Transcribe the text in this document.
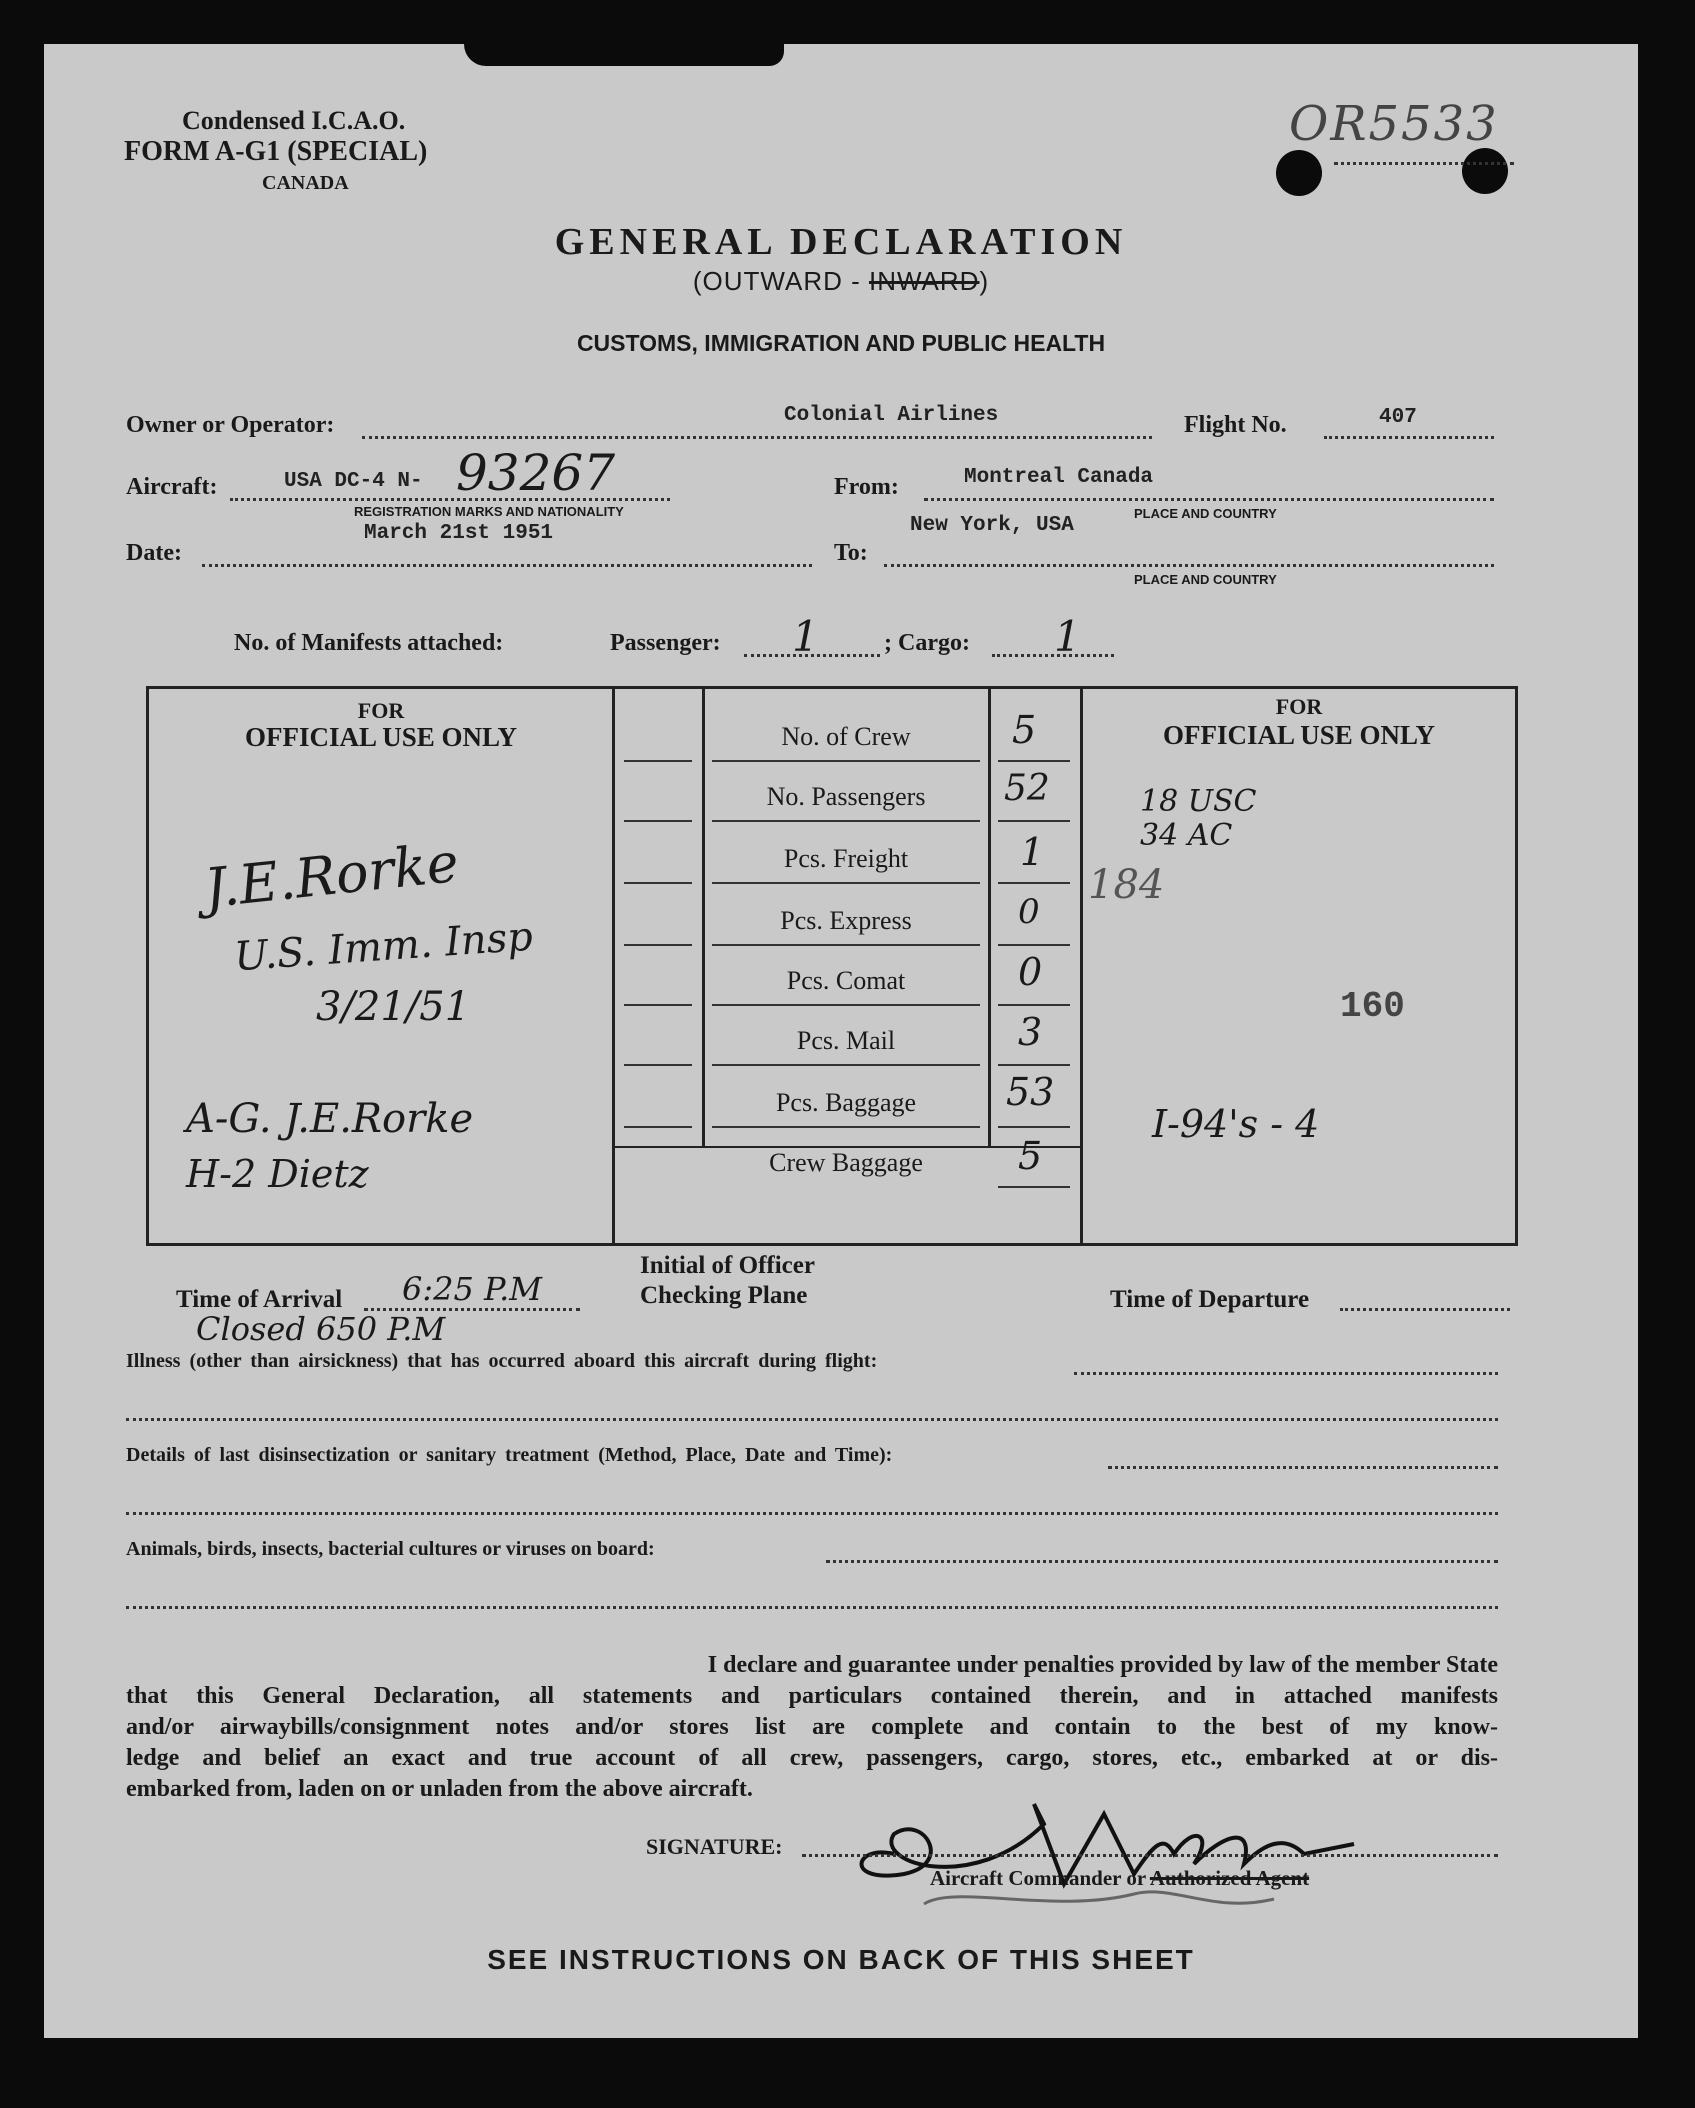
Condensed I.C.A.O.
FORM A-G1 (SPECIAL)
CANADA
OR5533
GENERAL DECLARATION
(OUTWARD - INWARD)
CUSTOMS, IMMIGRATION AND PUBLIC HEALTH
Owner or Operator:	Colonial Airlines	Flight No.	407
Aircraft:	USA DC-4 N- 93267
REGISTRATION MARKS AND NATIONALITY
From:	Montreal Canada
PLACE AND COUNTRY
Date:
March 21st 1951
To:
New York, USA
PLACE AND COUNTRY
No. of Manifests attached:	Passenger: 1	; Cargo: 1
FOR
OFFICIAL USE ONLY
FOR
OFFICIAL USE ONLY
No. of Crew	5
No. Passengers	52
Pcs. Freight	1
Pcs. Express	0
Pcs. Comat	0
Pcs. Mail	3
Pcs. Baggage	53
Crew Baggage	5
J.E.Rorke
U.S. Imm. Insp
3/21/51
A-G. J.E.Rorke
H-2 Dietz
18 USC
34 AC
184
160
I-94's - 4
Time of Arrival 6:25 P.M
Initial of Officer
Checking Plane	Time of Departure
Closed 650 P.M
Illness (other than airsickness) that has occurred aboard this aircraft during flight:
Details of last disinsectization or sanitary treatment (Method, Place, Date and Time):
Animals, birds, insects, bacterial cultures or viruses on board:
I declare and guarantee under penalties provided by law of the member State
that this General Declaration, all statements and particulars contained therein, and in attached manifests
and/or airwaybills/consignment notes and/or stores list are complete and contain to the best of my know-
ledge and belief an exact and true account of all crew, passengers, cargo, stores, etc., embarked at or dis-
embarked from, laden on or unladen from the above aircraft.
SIGNATURE:
Aircraft Commander or Authorized Agent
SEE INSTRUCTIONS ON BACK OF THIS SHEET
